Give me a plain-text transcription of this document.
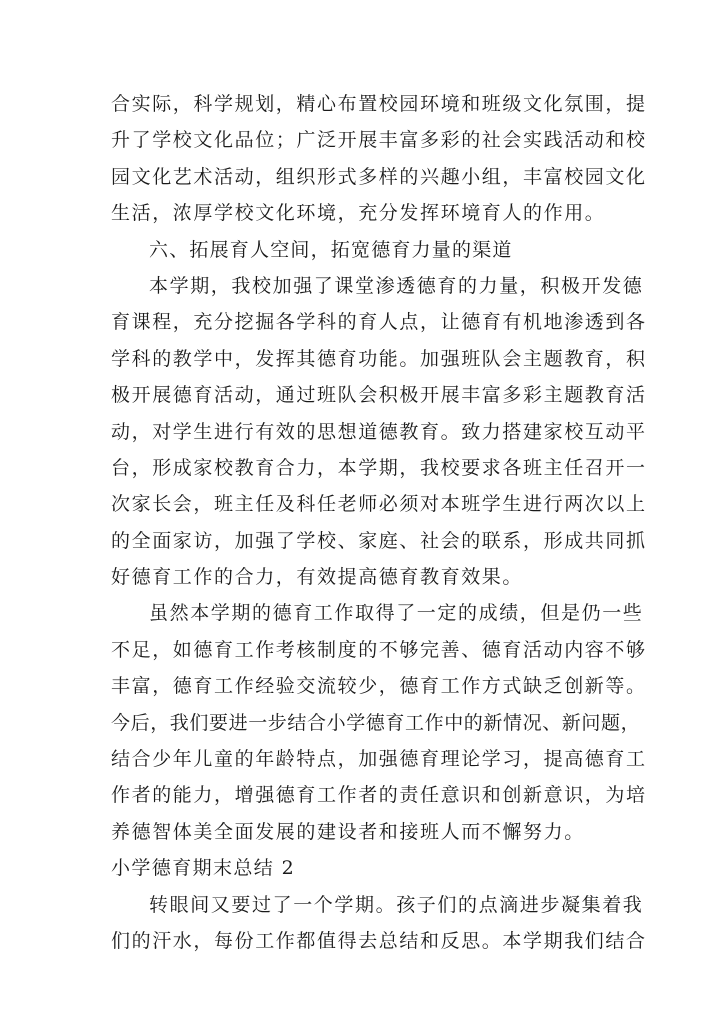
合实际，科学规划，精心布置校园环境和班级文化氛围，提
升了学校文化品位；广泛开展丰富多彩的社会实践活动和校
园文化艺术活动，组织形式多样的兴趣小组，丰富校园文化
生活，浓厚学校文化环境，充分发挥环境育人的作用。
六、拓展育人空间，拓宽德育力量的渠道
本学期，我校加强了课堂渗透德育的力量，积极开发德
育课程，充分挖掘各学科的育人点，让德育有机地渗透到各
学科的教学中，发挥其德育功能。加强班队会主题教育，积
极开展德育活动，通过班队会积极开展丰富多彩主题教育活
动，对学生进行有效的思想道德教育。致力搭建家校互动平
台，形成家校教育合力，本学期，我校要求各班主任召开一
次家长会，班主任及科任老师必须对本班学生进行两次以上
的全面家访，加强了学校、家庭、社会的联系，形成共同抓
好德育工作的合力，有效提高德育教育效果。
虽然本学期的德育工作取得了一定的成绩，但是仍一些
不足，如德育工作考核制度的不够完善、德育活动内容不够
丰富，德育工作经验交流较少，德育工作方式缺乏创新等。
今后，我们要进一步结合小学德育工作中的新情况、新问题，
结合少年儿童的年龄特点，加强德育理论学习，提高德育工
作者的能力，增强德育工作者的责任意识和创新意识，为培
养德智体美全面发展的建设者和接班人而不懈努力。
小学德育期末总结 2
转眼间又要过了一个学期。孩子们的点滴进步凝集着我
们的汗水，每份工作都值得去总结和反思。本学期我们结合
